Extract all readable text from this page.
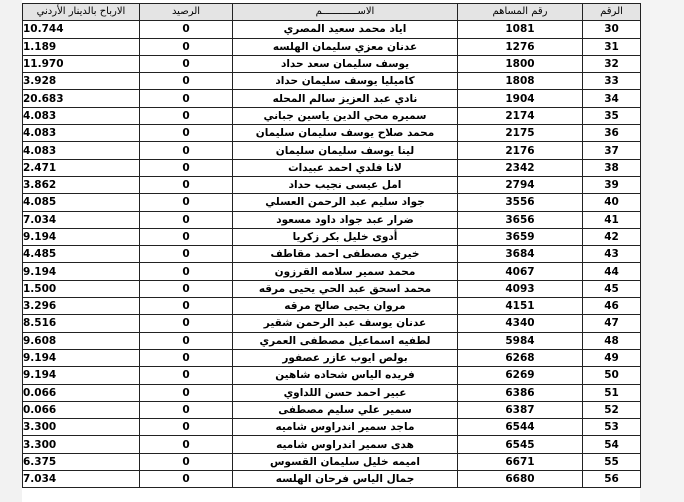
الرقم	رقم المساهم	الاســــــــــــم	الرصيد	الارباح بالدينار الأردني
30	1081	اياد محمد سعيد المصري	0	10.744
31	1276	عدنان معزي سليمان الهلسه	0	1.189
32	1800	يوسف سليمان سعد حداد	0	11.970
33	1808	كاميليا يوسف سليمان حداد	0	3.928
34	1904	نادي عبد العزيز سالم المحله	0	20.683
35	2174	سميره محي الدين ياسين جباني	0	4.083
36	2175	محمد صلاح يوسف سليمان سليمان	0	4.083
37	2176	لينا يوسف سليمان سليمان	0	4.083
38	2342	لانا فلدي احمد عبيدات	0	2.471
39	2794	امل عيسى نجيب حداد	0	3.862
40	3556	جواد سليم عبد الرحمن العسلي	0	4.085
41	3656	ضرار عبد جواد داود مسعود	0	7.034
42	3659	أدوى خليل بكر زكريا	0	9.194
43	3684	خيري مصطفى احمد مقاطف	0	4.485
44	4067	محمد سمير سلامه القرزون	0	9.194
45	4093	محمد اسحق عبد الحي يحيى مرقه	0	1.500
46	4151	مروان يحيى صالح مرقه	0	3.296
47	4340	عدنان يوسف عبد الرحمن شقير	0	8.516
48	5984	لطفيه اسماعيل مصطفى العمري	0	9.608
49	6268	بولص ايوب عازر عصفور	0	9.194
50	6269	فريده الياس شحاده شاهين	0	9.194
51	6386	عبير احمد حسن اللداوي	0	0.066
52	6387	سمير علي سليم مصطفى	0	0.066
53	6544	ماجد سمير اندراوس شاميه	0	3.300
54	6545	هدى سمير اندراوس شاميه	0	3.300
55	6671	اميمه خليل سليمان القسوس	0	6.375
56	6680	جمال الياس فرحان الهلسه	0	7.034
